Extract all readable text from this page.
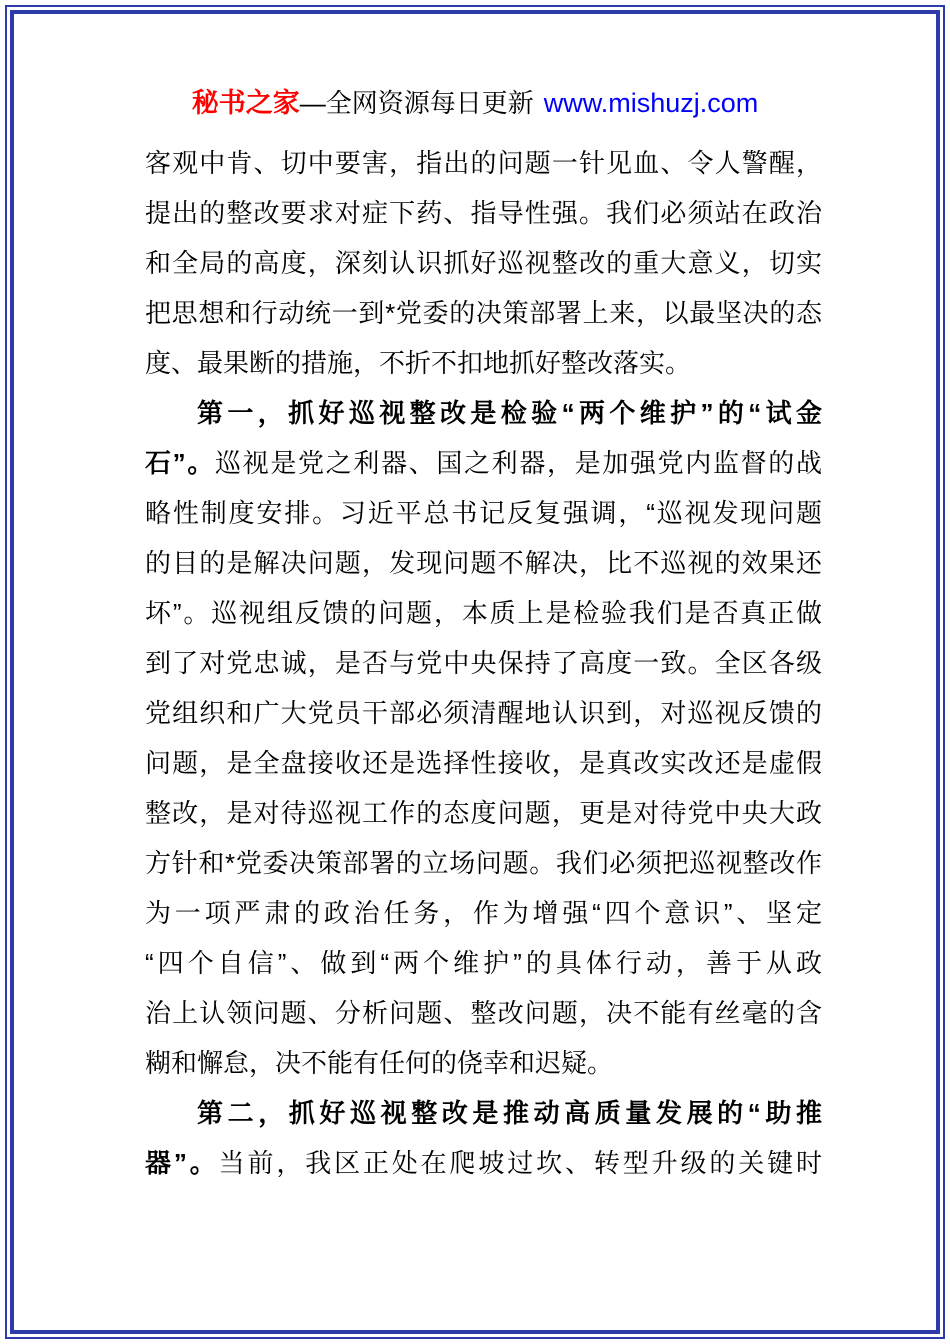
秘书之家—全网资源每日更新 www.mishuzj.com
客观中肯、切中要害，指出的问题一针见血、令人警醒，
提出的整改要求对症下药、指导性强。我们必须站在政治
和全局的高度，深刻认识抓好巡视整改的重大意义，切实
把思想和行动统一到*党委的决策部署上来，以最坚决的态
度、最果断的措施，不折不扣地抓好整改落实。
第一，抓好巡视整改是检验“两个维护”的“试金
石”。巡视是党之利器、国之利器，是加强党内监督的战
略性制度安排。习近平总书记反复强调，“巡视发现问题
的目的是解决问题，发现问题不解决，比不巡视的效果还
坏”。巡视组反馈的问题，本质上是检验我们是否真正做
到了对党忠诚，是否与党中央保持了高度一致。全区各级
党组织和广大党员干部必须清醒地认识到，对巡视反馈的
问题，是全盘接收还是选择性接收，是真改实改还是虚假
整改，是对待巡视工作的态度问题，更是对待党中央大政
方针和*党委决策部署的立场问题。我们必须把巡视整改作
为一项严肃的政治任务，作为增强“四个意识”、坚定
“四个自信”、做到“两个维护”的具体行动，善于从政
治上认领问题、分析问题、整改问题，决不能有丝毫的含
糊和懈怠，决不能有任何的侥幸和迟疑。
第二，抓好巡视整改是推动高质量发展的“助推
器”。当前，我区正处在爬坡过坎、转型升级的关键时
